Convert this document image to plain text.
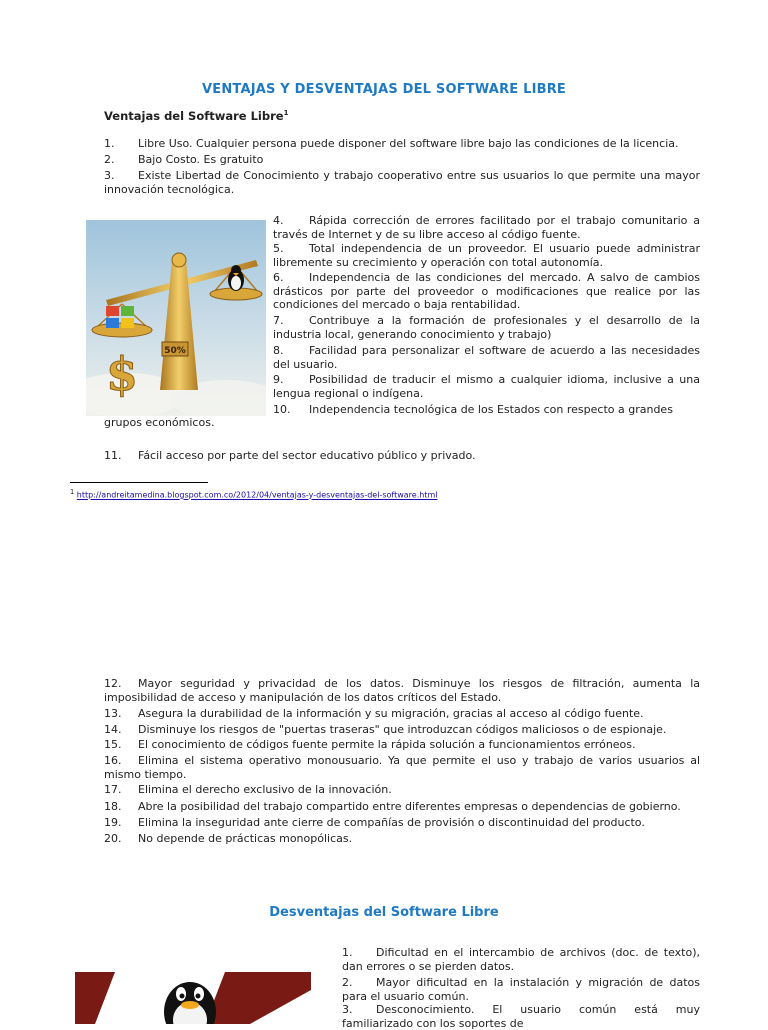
VENTAJAS Y DESVENTAJAS DEL SOFTWARE LIBRE
Ventajas del Software Libre$^1$
1. Libre Uso. Cualquier persona puede disponer del software libre bajo las condiciones de la licencia.
2. Bajo Costo. Es gratuito
3. Existe Libertad de Conocimiento y trabajo cooperativo entre sus usuarios lo que permite una mayor innovación tecnológica.
$	50%
4. Rápida corrección de errores facilitado por el trabajo comunitario a través de Internet y de su libre acceso al código fuente.
5. Total independencia de un proveedor. El usuario puede administrar libremente su crecimiento y operación con total autonomía.
6. Independencia de las condiciones del mercado. A salvo de cambios drásticos por parte del proveedor o modificaciones que realice por las condiciones del mercado o baja rentabilidad.
7. Contribuye a la formación de profesionales y el desarrollo de la industria local, generando conocimiento y trabajo)
8. Facilidad para personalizar el software de acuerdo a las necesidades del usuario.
9. Posibilidad de traducir el mismo a cualquier idioma, inclusive a una lengua regional o indígena.
10. Independencia tecnológica de los Estados con respecto a grandes
grupos económicos.
11. Fácil acceso por parte del sector educativo público y privado.
$^1$ http://andreitamedina.blogspot.com.co/2012/04/ventajas-y-desventajas-del-software.html
12. Mayor seguridad y privacidad de los datos. Disminuye los riesgos de filtración, aumenta la imposibilidad de acceso y manipulación de los datos críticos del Estado.
13. Asegura la durabilidad de la información y su migración, gracias al acceso al código fuente.
14. Disminuye los riesgos de "puertas traseras" que introduzcan códigos maliciosos o de espionaje.
15. El conocimiento de códigos fuente permite la rápida solución a funcionamientos erróneos.
16. Elimina el sistema operativo monousuario. Ya que permite el uso y trabajo de varios usuarios al mismo tiempo.
17. Elimina el derecho exclusivo de la innovación.
18. Abre la posibilidad del trabajo compartido entre diferentes empresas o dependencias de gobierno.
19. Elimina la inseguridad ante cierre de compañías de provisión o discontinuidad del producto.
20. No depende de prácticas monopólicas.
Desventajas del Software Libre
1. Dificultad en el intercambio de archivos (doc. de texto), dan errores o se pierden datos.
2. Mayor dificultad en la instalación y migración de datos para el usuario común.
3. Desconocimiento. El usuario común está muy familiarizado con los soportes de
